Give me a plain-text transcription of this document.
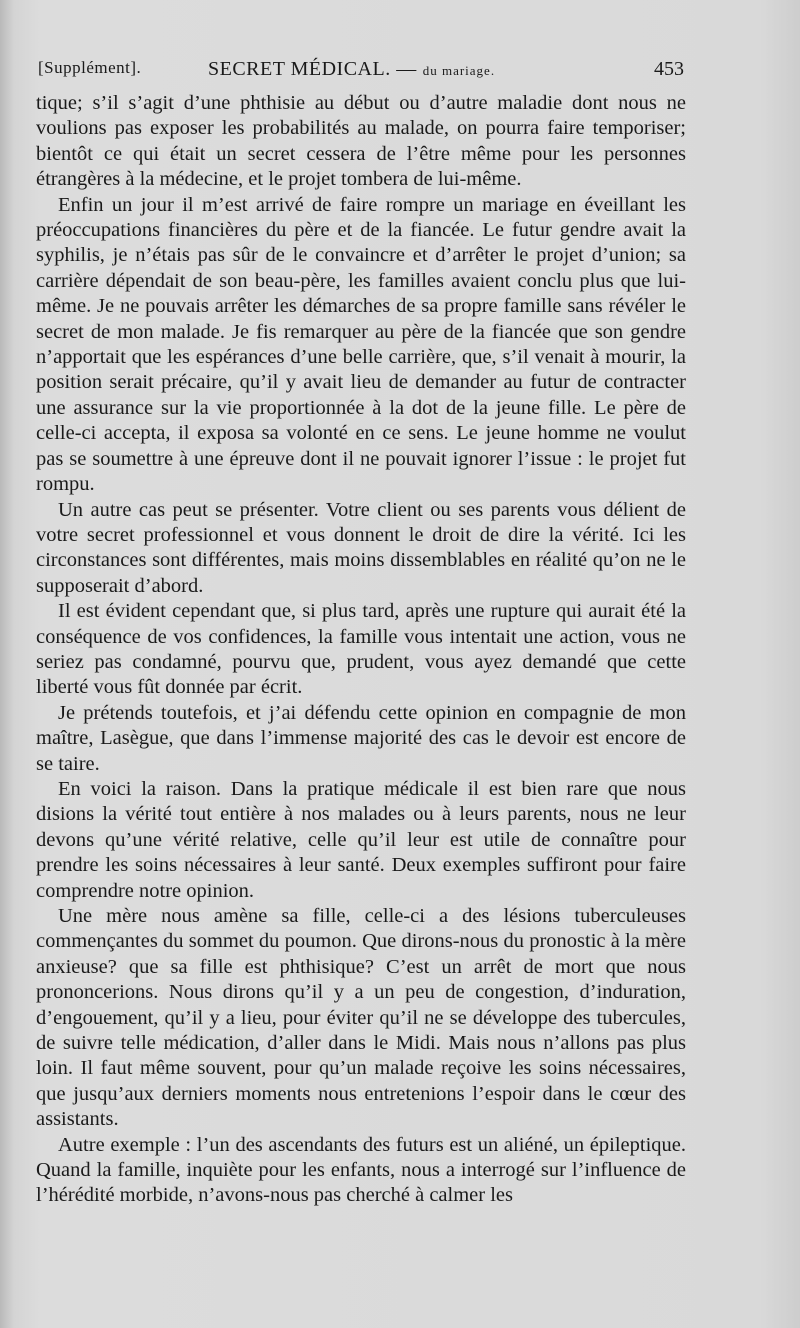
[Supplément].	SECRET MÉDICAL. — du mariage.	453

tique; s’il s’agit d’une phthisie au début ou d’autre maladie dont nous ne voulions pas exposer les probabilités au malade, on pourra faire temporiser; bientôt ce qui était un secret cessera de l’être même pour les personnes étrangères à la médecine, et le projet tombera de lui-même.

Enfin un jour il m’est arrivé de faire rompre un mariage en éveillant les préoccupations financières du père et de la fiancée. Le futur gendre avait la syphilis, je n’étais pas sûr de le convaincre et d’arrêter le projet d’union; sa carrière dépendait de son beau-père, les familles avaient conclu plus que lui-même. Je ne pouvais arrêter les démarches de sa propre famille sans révéler le secret de mon malade. Je fis remarquer au père de la fiancée que son gendre n’apportait que les espérances d’une belle carrière, que, s’il venait à mourir, la position serait précaire, qu’il y avait lieu de demander au futur de contracter une assurance sur la vie proportionnée à la dot de la jeune fille. Le père de celle-ci accepta, il exposa sa volonté en ce sens. Le jeune homme ne voulut pas se soumettre à une épreuve dont il ne pouvait ignorer l’issue : le projet fut rompu.

Un autre cas peut se présenter. Votre client ou ses parents vous délient de votre secret professionnel et vous donnent le droit de dire la vérité. Ici les circonstances sont différentes, mais moins dissemblables en réalité qu’on ne le supposerait d’abord.

Il est évident cependant que, si plus tard, après une rupture qui aurait été la conséquence de vos confidences, la famille vous intentait une action, vous ne seriez pas condamné, pourvu que, prudent, vous ayez demandé que cette liberté vous fût donnée par écrit.

Je prétends toutefois, et j’ai défendu cette opinion en compagnie de mon maître, Lasègue, que dans l’immense majorité des cas le devoir est encore de se taire.

En voici la raison. Dans la pratique médicale il est bien rare que nous disions la vérité tout entière à nos malades ou à leurs parents, nous ne leur devons qu’une vérité relative, celle qu’il leur est utile de connaître pour prendre les soins nécessaires à leur santé. Deux exemples suffiront pour faire comprendre notre opinion.

Une mère nous amène sa fille, celle-ci a des lésions tuberculeuses commençantes du sommet du poumon. Que dirons-nous du pronostic à la mère anxieuse? que sa fille est phthisique? C’est un arrêt de mort que nous prononcerions. Nous dirons qu’il y a un peu de congestion, d’induration, d’engouement, qu’il y a lieu, pour éviter qu’il ne se développe des tubercules, de suivre telle médication, d’aller dans le Midi. Mais nous n’allons pas plus loin. Il faut même souvent, pour qu’un malade reçoive les soins nécessaires, que jusqu’aux derniers moments nous entretenions l’espoir dans le cœur des assistants.

Autre exemple : l’un des ascendants des futurs est un aliéné, un épileptique. Quand la famille, inquiète pour les enfants, nous a interrogé sur l’influence de l’hérédité morbide, n’avons-nous pas cherché à calmer les
